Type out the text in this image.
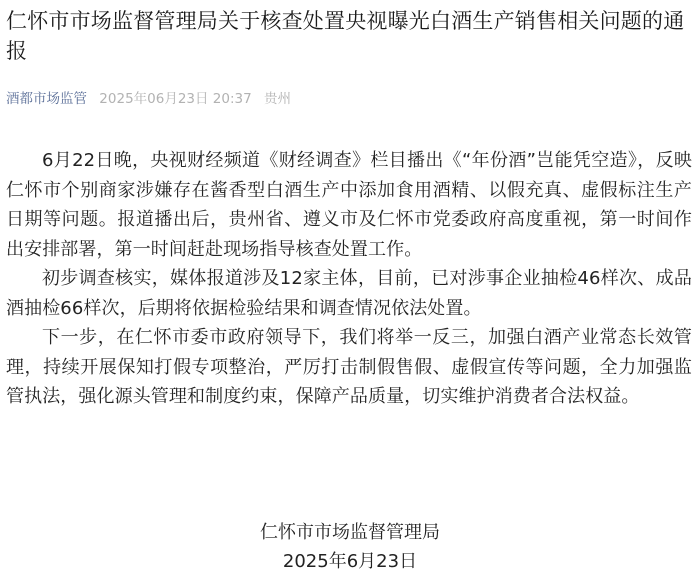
仁怀市市场监督管理局关于核查处置央视曝光白酒生产销售相关问题的通报
酒都市场监管 2025年06月23日 20:37 贵州

6月22日晚，央视财经频道《财经调查》栏目播出《“年份酒”岂能凭空造》，反映仁怀市个别商家涉嫌存在酱香型白酒生产中添加食用酒精、以假充真、虚假标注生产日期等问题。报道播出后，贵州省、遵义市及仁怀市党委政府高度重视，第一时间作出安排部署，第一时间赶赴现场指导核查处置工作。

初步调查核实，媒体报道涉及12家主体，目前，已对涉事企业抽检46样次、成品酒抽检66样次，后期将依据检验结果和调查情况依法处置。

下一步，在仁怀市委市政府领导下，我们将举一反三，加强白酒产业常态长效管理，持续开展保知打假专项整治，严厉打击制假售假、虚假宣传等问题，全力加强监管执法，强化源头管理和制度约束，保障产品质量，切实维护消费者合法权益。

仁怀市市场监督管理局
2025年6月23日
